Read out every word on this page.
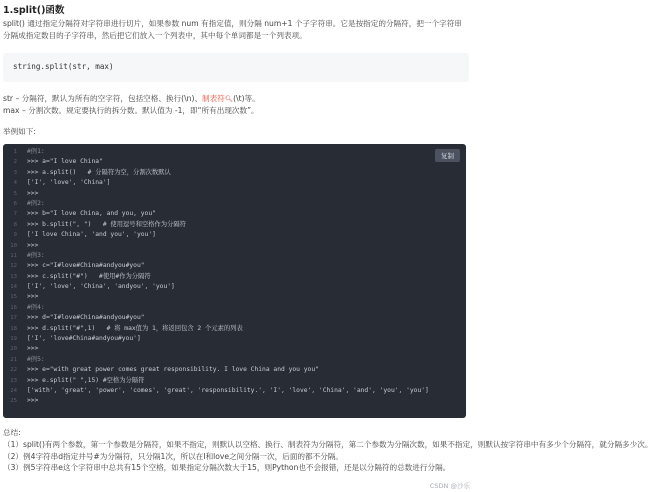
1.split()函数
split() 通过指定分隔符对字符串进行切片，如果参数 num 有指定值，则分隔 num+1 个子字符串。它是按指定的分隔符，把一个字符串分隔成指定数目的子字符串，然后把它们放入一个列表中，其中每个单词都是一个列表项。
string.split(str, max)
str – 分隔符，默认为所有的空字符，包括空格、换行(\n)、制表符🔍︎(\t)等。
max – 分割次数。规定要执行的拆分数。默认值为 -1，即“所有出现次数”。
举例如下:
复制
1 #例1:
2 >>> a="I love China"
3 >>> a.split()   # 分隔符为空，分割次数默认
4 ['I', 'love', 'China']
5 >>>
6 #例2:
7 >>> b="I love China, and you, you"
8 >>> b.split(", ")   # 使用逗号和空格作为分隔符
9 ['I love China', 'and you', 'you']
10 >>>
11 #例3:
12 >>> c="I#love#China#andyou#you"
13 >>> c.split("#")   #使用#作为分隔符
14 ['I', 'love', 'China', 'andyou', 'you']
15 >>>
16 #例4:
17 >>> d="I#love#China#andyou#you"
18 >>> d.split("#",1)   # 将 max值为 1，将返回包含 2 个元素的列表
19 ['I', 'love#China#andyou#you']
20 >>>
21 #例5:
22 >>> e="with great power comes great responsibility. I love China and you you"
23 >>> e.split(" ",15) #空格为分隔符
24 ['with', 'great', 'power', 'comes', 'great', 'responsibility.', 'I', 'love', 'China', 'and', 'you', 'you']
25 >>>
总结:
（1）split()有两个参数，第一个参数是分隔符，如果不指定，则默认以空格、换行、制表符为分隔符，第二个参数为分隔次数，如果不指定，则默认按字符串中有多少个分隔符，就分隔多少次。
（2）例4字符串d指定井号#为分隔符，只分隔1次，所以在I和love之间分隔一次，后面的都不分隔。
（3）例5字符串e这个字符串中总共有15个空格，如果指定分隔次数大于15，则Python也不会报错，还是以分隔符的总数进行分隔。
CSDN @沙乐
